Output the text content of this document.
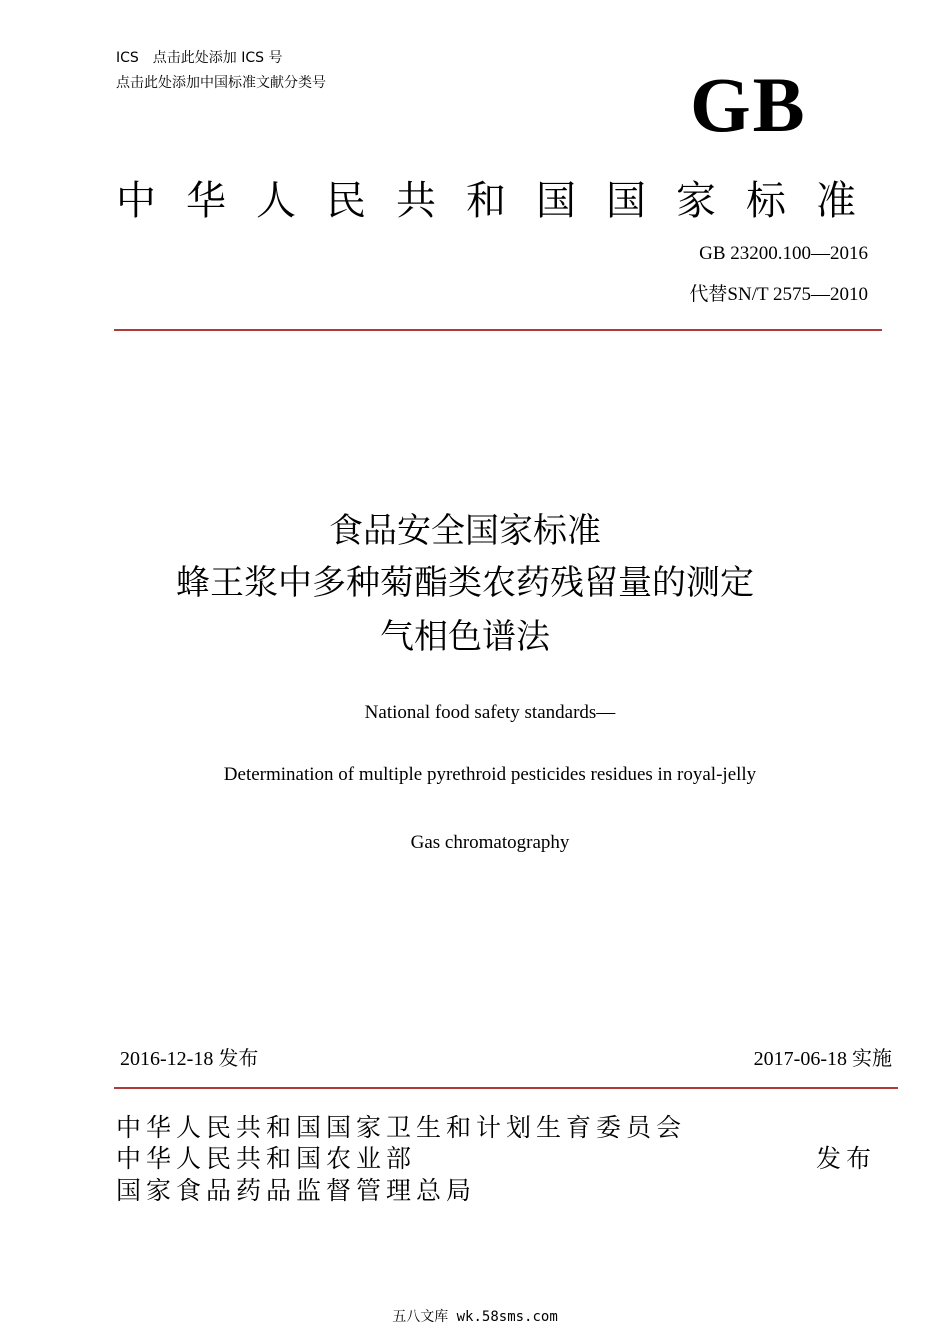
ICS　点击此处添加 ICS 号
点击此处添加中国标准文献分类号	GB
中华人民共和国国家标准
GB 23200.100—2016
代替SN/T 2575—2010
食品安全国家标准
蜂王浆中多种菊酯类农药残留量的测定
气相色谱法
National food safety standards—
Determination of multiple pyrethroid pesticides residues in royal-jelly
Gas chromatography
2016-12-18 发布	2017-06-18 实施
中华人民共和国国家卫生和计划生育委员会
中华人民共和国农业部
国家食品药品监督管理总局
发布
五八文库 wk.58sms.com
